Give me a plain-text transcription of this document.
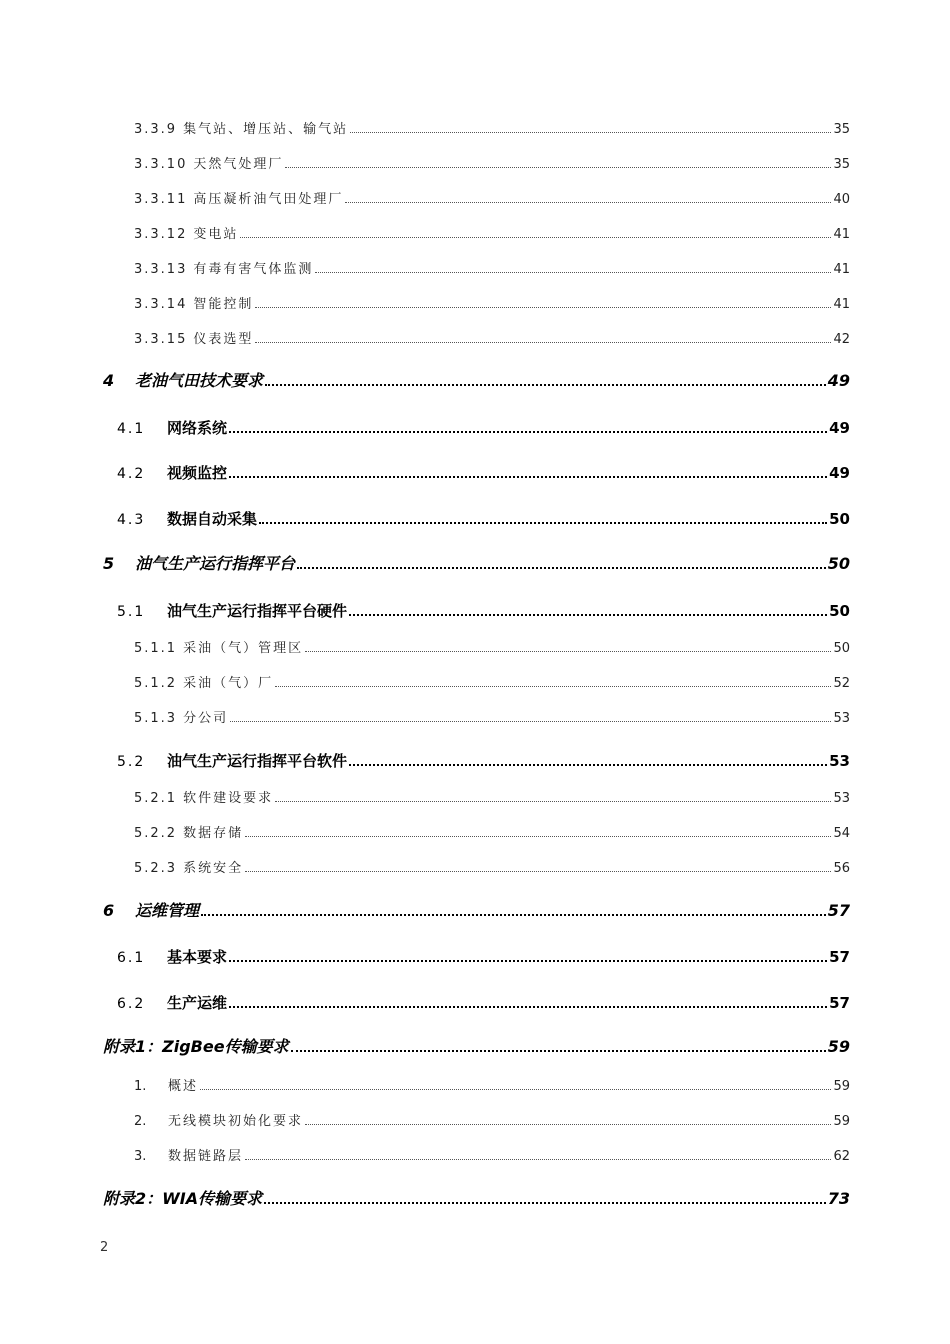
3.3.9 集气站、增压站、输气站	35
3.3.10 天然气处理厂	35
3.3.11 高压凝析油气田处理厂	40
3.3.12 变电站	41
3.3.13 有毒有害气体监测	41
3.3.14 智能控制	41
3.3.15 仪表选型	42
4	老油气田技术要求	49
4.1	网络系统	49
4.2	视频监控	49
4.3	数据自动采集	50
5	油气生产运行指挥平台	50
5.1	油气生产运行指挥平台硬件	50
5.1.1 采油（气）管理区	50
5.1.2 采油（气）厂	52
5.1.3 分公司	53
5.2	油气生产运行指挥平台软件	53
5.2.1 软件建设要求	53
5.2.2 数据存储	54
5.2.3 系统安全	56
6	运维管理	57
6.1	基本要求	57
6.2	生产运维	57
附录1：ZigBee传输要求	59
1.	概述	59
2.	无线模块初始化要求	59
3.	数据链路层	62
附录2：WIA传输要求	73
2
